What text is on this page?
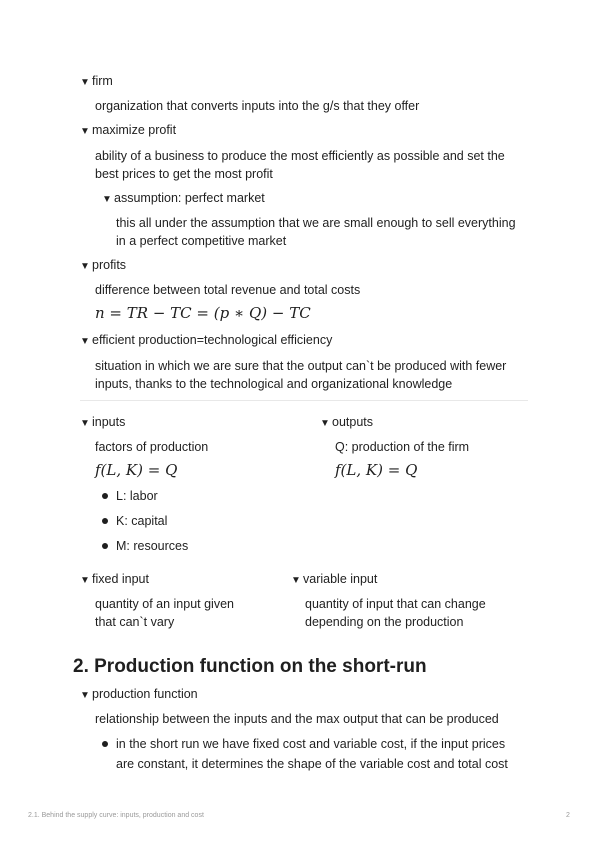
▼ firm
organization that converts inputs into the g/s that they offer
▼ maximize profit
ability of a business to produce the most efficiently as possible and set the
best prices to get the most profit
▼ assumption: perfect market
this all under the assumption that we are small enough to sell everything
in a perfect competitive market
▼ profits
difference between total revenue and total costs
n = TR − TC = (p ∗ Q) − TC
▼ efficient production=technological efficiency
situation in which we are sure that the output can`t be produced with fewer
inputs, thanks to the technological and organizational knowledge
▼ inputs
factors of production
f(L, K) = Q
L: labor
K: capital
M: resources
▼ outputs
Q: production of the firm
f(L, K) = Q
▼ fixed input
quantity of an input given
that can`t vary
▼ variable input
quantity of input that can change
depending on the production
2. Production function on the short-run
▼ production function
relationship between the inputs and the max output that can be produced
in the short run we have fixed cost and variable cost, if the input prices
are constant, it determines the shape of the variable cost and total cost
2.1. Behind the supply curve: inputs, production and cost	2
